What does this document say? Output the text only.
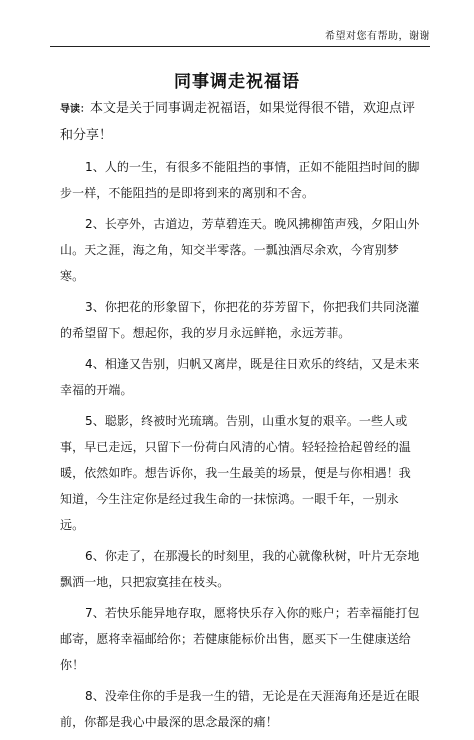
希望对您有帮助，谢谢
同事调走祝福语

导读：本文是关于同事调走祝福语，如果觉得很不错，欢迎点评和分享！

1、人的一生，有很多不能阻挡的事情，正如不能阻挡时间的脚步一样，不能阻挡的是即将到来的离别和不舍。

2、长亭外，古道边，芳草碧连天。晚风拂柳笛声残，夕阳山外山。天之涯，海之角，知交半零落。一瓢浊酒尽余欢，今宵别梦寒。

3、你把花的形象留下，你把花的芬芳留下，你把我们共同浇灌的希望留下。想起你，我的岁月永远鲜艳，永远芳菲。

4、相逢又告别，归帆又离岸，既是往日欢乐的终结，又是未来幸福的开端。

5、聪影，终被时光琉璃。告别，山重水复的艰辛。一些人或事，早已走远，只留下一份荷白风清的心情。轻轻捡拾起曾经的温暖，依然如昨。想告诉你，我一生最美的场景，便是与你相遇！我知道，今生注定你是经过我生命的一抹惊鸿。一眼千年，一别永远。

6、你走了，在那漫长的时刻里，我的心就像秋树，叶片无奈地飘洒一地，只把寂寞挂在枝头。

7、若快乐能异地存取，愿将快乐存入你的账户；若幸福能打包邮寄，愿将幸福邮给你；若健康能标价出售，愿买下一生健康送给你！

8、没牵住你的手是我一生的错，无论是在天涯海角还是近在眼前，你都是我心中最深的思念最深的痛！
